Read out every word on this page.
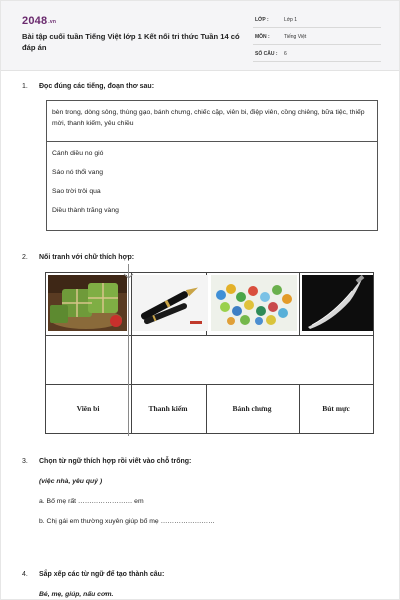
2048.vn
Bài tập cuối tuần Tiếng Việt lớp 1 Kết nối tri thức Tuần 14 có đáp án
LỚP :	Lớp 1
MÔN :	Tiếng Việt
SỐ CÂU : 6
1. Đọc đúng các tiếng, đoạn thơ sau:
bèn trong, dòng sông, thùng gạo, bánh chưng, chiếc cặp, viên bi, điệp viên, cồng chiêng, bữa tiệc, thiếp mời, thanh kiếm, yêu chiều
Cánh diều no gió
Sáo nó thổi vang
Sao trời trôi qua
Diều thành trăng vàng
2. Nối tranh với chữ thích hợp:
Viên bi	Thanh kiếm	Bánh chưng	Bút mực
3. Chọn từ ngữ thích hợp rồi viết vào chỗ trống:
(việc nhà, yêu quý )
a. Bố mẹ rất …………………… em
b. Chị gái em thường xuyên giúp bố mẹ ……………………
4. Sắp xếp các từ ngữ để tạo thành câu:
Bé, mẹ, giúp, nấu cơm.
